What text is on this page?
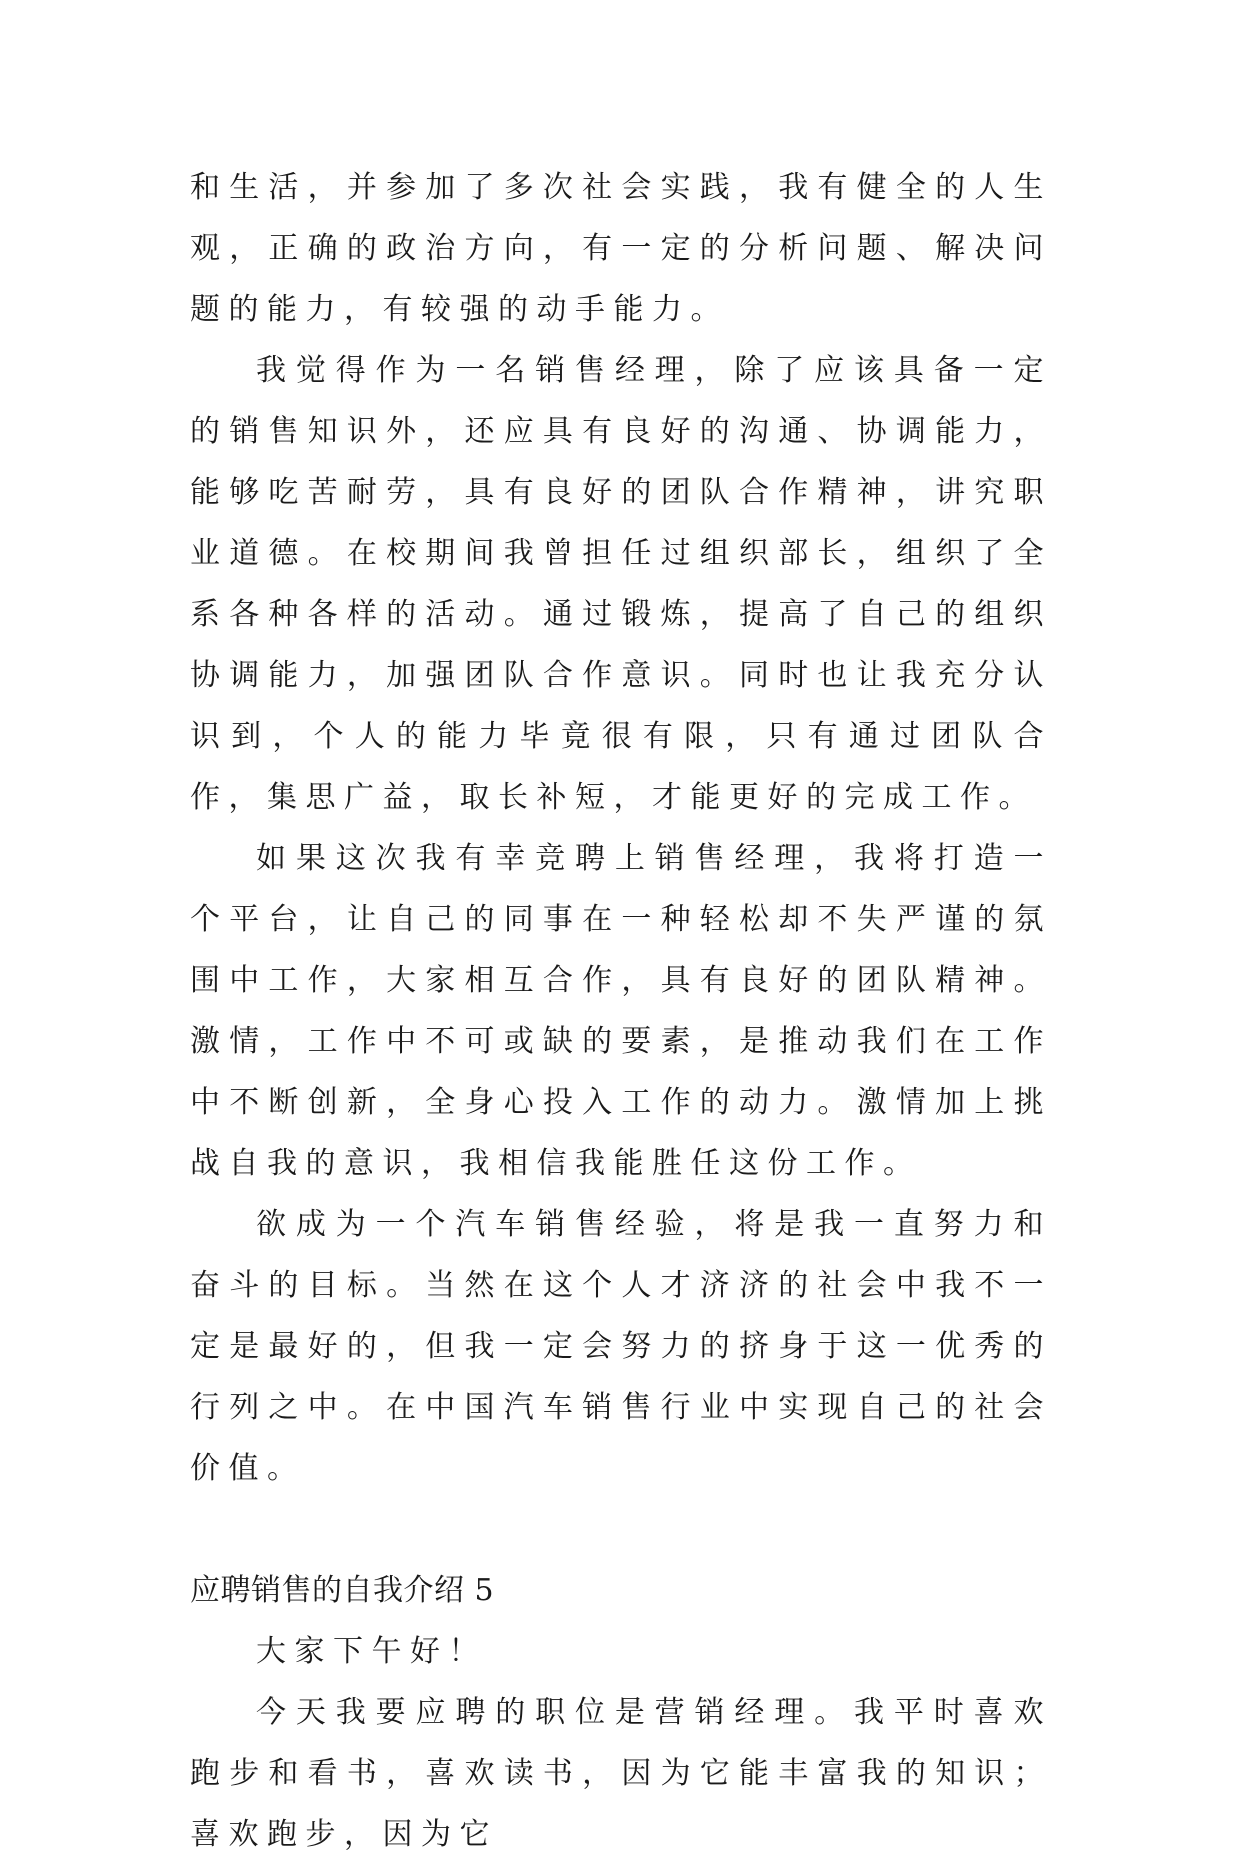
和生活，并参加了多次社会实践，我有健全的人生观，正确的政治方向，有一定的分析问题、解决问题的能力，有较强的动手能力。

我觉得作为一名销售经理，除了应该具备一定的销售知识外，还应具有良好的沟通、协调能力，能够吃苦耐劳，具有良好的团队合作精神，讲究职业道德。在校期间我曾担任过组织部长，组织了全系各种各样的活动。通过锻炼，提高了自己的组织协调能力，加强团队合作意识。同时也让我充分认识到，个人的能力毕竟很有限，只有通过团队合作，集思广益，取长补短，才能更好的完成工作。

如果这次我有幸竞聘上销售经理，我将打造一个平台，让自己的同事在一种轻松却不失严谨的氛围中工作，大家相互合作，具有良好的团队精神。激情，工作中不可或缺的要素，是推动我们在工作中不断创新，全身心投入工作的动力。激情加上挑战自我的意识，我相信我能胜任这份工作。

欲成为一个汽车销售经验，将是我一直努力和奋斗的目标。当然在这个人才济济的社会中我不一定是最好的，但我一定会努力的挤身于这一优秀的行列之中。在中国汽车销售行业中实现自己的社会价值。

应聘销售的自我介绍 5

大家下午好！

今天我要应聘的职位是营销经理。我平时喜欢跑步和看书，喜欢读书，因为它能丰富我的知识；喜欢跑步，因为它
